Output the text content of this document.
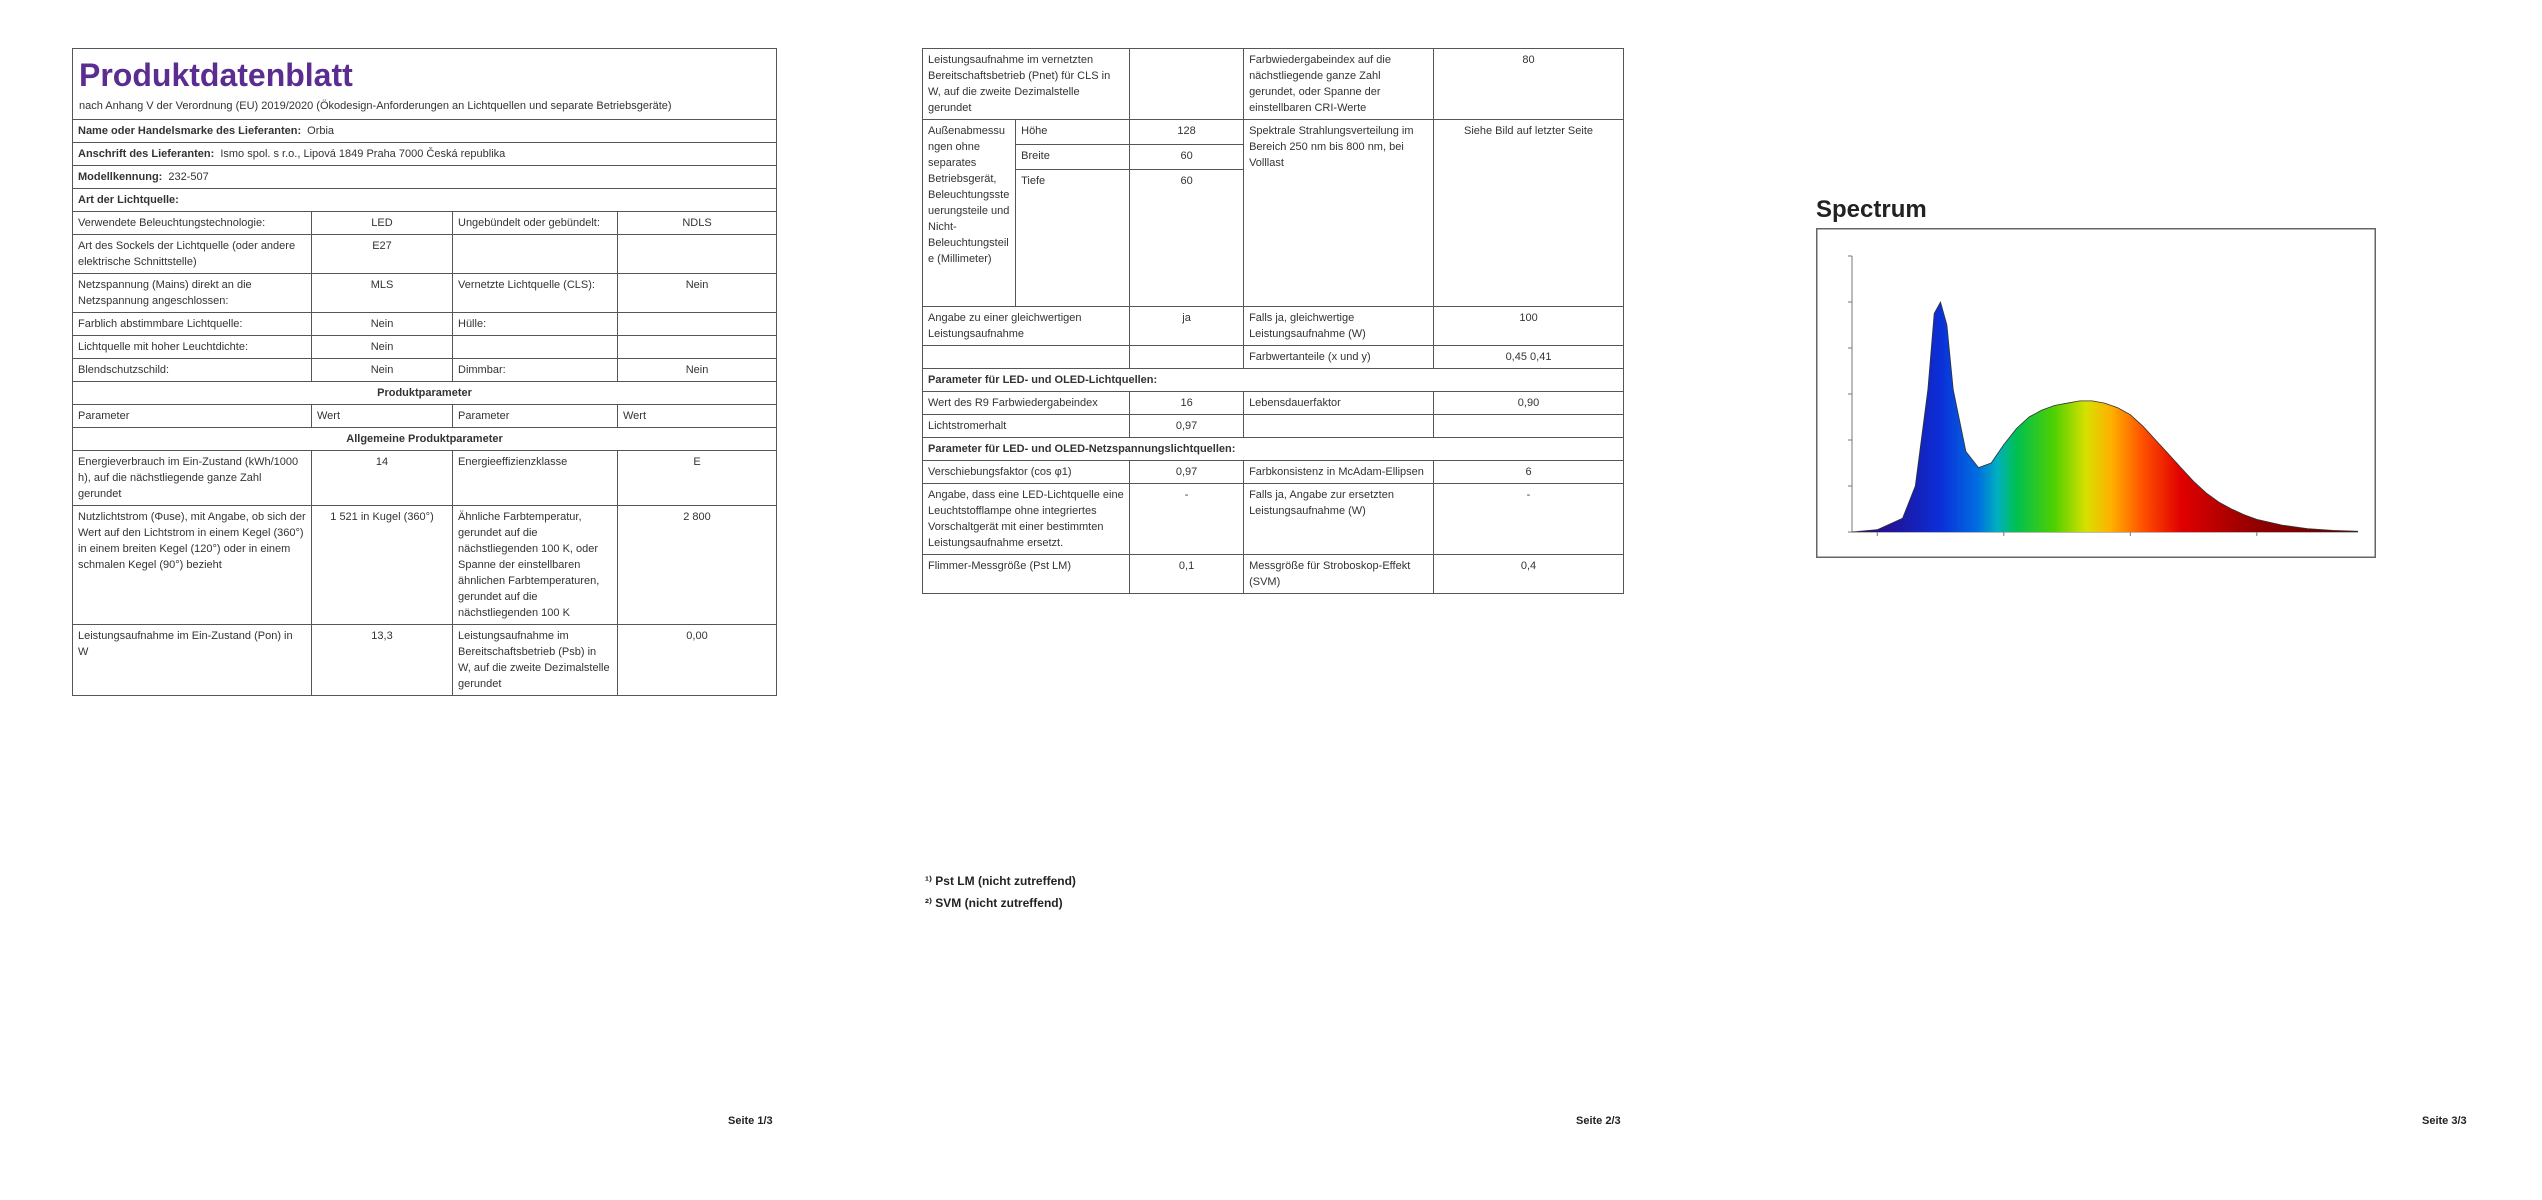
Produktdatenblatt			
nach Anhang V der Verordnung (EU) 2019/2020 (Ökodesign-Anforderungen an Lichtquellen und separate Betriebsgeräte)			
Name oder Handelsmarke des Lieferanten: Orbia			
Anschrift des Lieferanten: Ismo spol. s r.o., Lipová 1849 Praha 7000 Česká republika			
Modellkennung: 232-507			
Art der Lichtquelle:			
Verwendete Beleuchtungstechnologie:	LED	Ungebündelt oder gebündelt:	NDLS
Art des Sockels der Lichtquelle (oder andere elektrische Schnittstelle)	E27		
Netzspannung (Mains) direkt an die Netzspannung angeschlossen:	MLS	Vernetzte Lichtquelle (CLS):	Nein
Farblich abstimmbare Lichtquelle:	Nein	Hülle:	
Lichtquelle mit hoher Leuchtdichte:	Nein		
Blendschutzschild:	Nein	Dimmbar:	Nein
Produktparameter			
Parameter	Wert	Parameter	Wert
Allgemeine Produktparameter			
Energieverbrauch im Ein-Zustand (kWh/1000 h), auf die nächstliegende ganze Zahl gerundet	14	Energieeffizienzklasse	E
Nutzlichtstrom (Φuse), mit Angabe, ob sich der Wert auf den Lichtstrom in einem Kegel (360°) in einem breiten Kegel (120°) oder in einem schmalen Kegel (90°) bezieht	1 521 in Kugel (360°)	Ähnliche Farbtemperatur, gerundet auf die nächstliegenden 100 K, oder Spanne der einstellbaren ähnlichen Farbtemperaturen, gerundet auf die nächstliegenden 100 K	2 800
Leistungsaufnahme im Ein-Zustand (Pon) in W	13,3	Leistungsaufnahme im Bereitschaftsbetrieb (Psb) in W, auf die zweite Dezimalstelle gerundet	0,00
Seite 1/3
Leistungsaufnahme im vernetzten Bereitschaftsbetrieb (Pnet) für CLS in W, auf die zweite Dezimalstelle gerundet			Farbwiedergabeindex auf die nächstliegende ganze Zahl gerundet, oder Spanne der einstellbaren CRI-Werte	80
Außenabmessungen ohne separates Betriebsgerät, Beleuchtungssteuerungsteile und Nicht-Beleuchtungsteile (Millimeter)	Höhe	128	Spektrale Strahlungsverteilung im Bereich 250 nm bis 800 nm, bei Volllast	Siehe Bild auf letzter Seite
	Breite	60		
	Tiefe	60		
Angabe zu einer gleichwertigen Leistungsaufnahme		ja	Falls ja, gleichwertige Leistungsaufnahme (W)	100
			Farbwertanteile (x und y)	0,45 0,41
Parameter für LED- und OLED-Lichtquellen:				
Wert des R9 Farbwiedergabeindex		16	Lebensdauerfaktor	0,90
Lichtstromerhalt		0,97		
Parameter für LED- und OLED-Netzspannungslichtquellen:				
Verschiebungsfaktor (cos φ1)		0,97	Farbkonsistenz in McAdam-Ellipsen	6
Angabe, dass eine LED-Lichtquelle eine Leuchtstofflampe ohne integriertes Vorschaltgerät mit einer bestimmten Leistungsaufnahme ersetzt.		-	Falls ja, Angabe zur ersetzten Leistungsaufnahme (W)	-
Flimmer-Messgröße (Pst LM)		0,1	Messgröße für Stroboskop-Effekt (SVM)	0,4
¹⁾ Pst LM (nicht zutreffend)
²⁾ SVM (nicht zutreffend)
Seite 2/3	Seite 3/3
Spectrum
